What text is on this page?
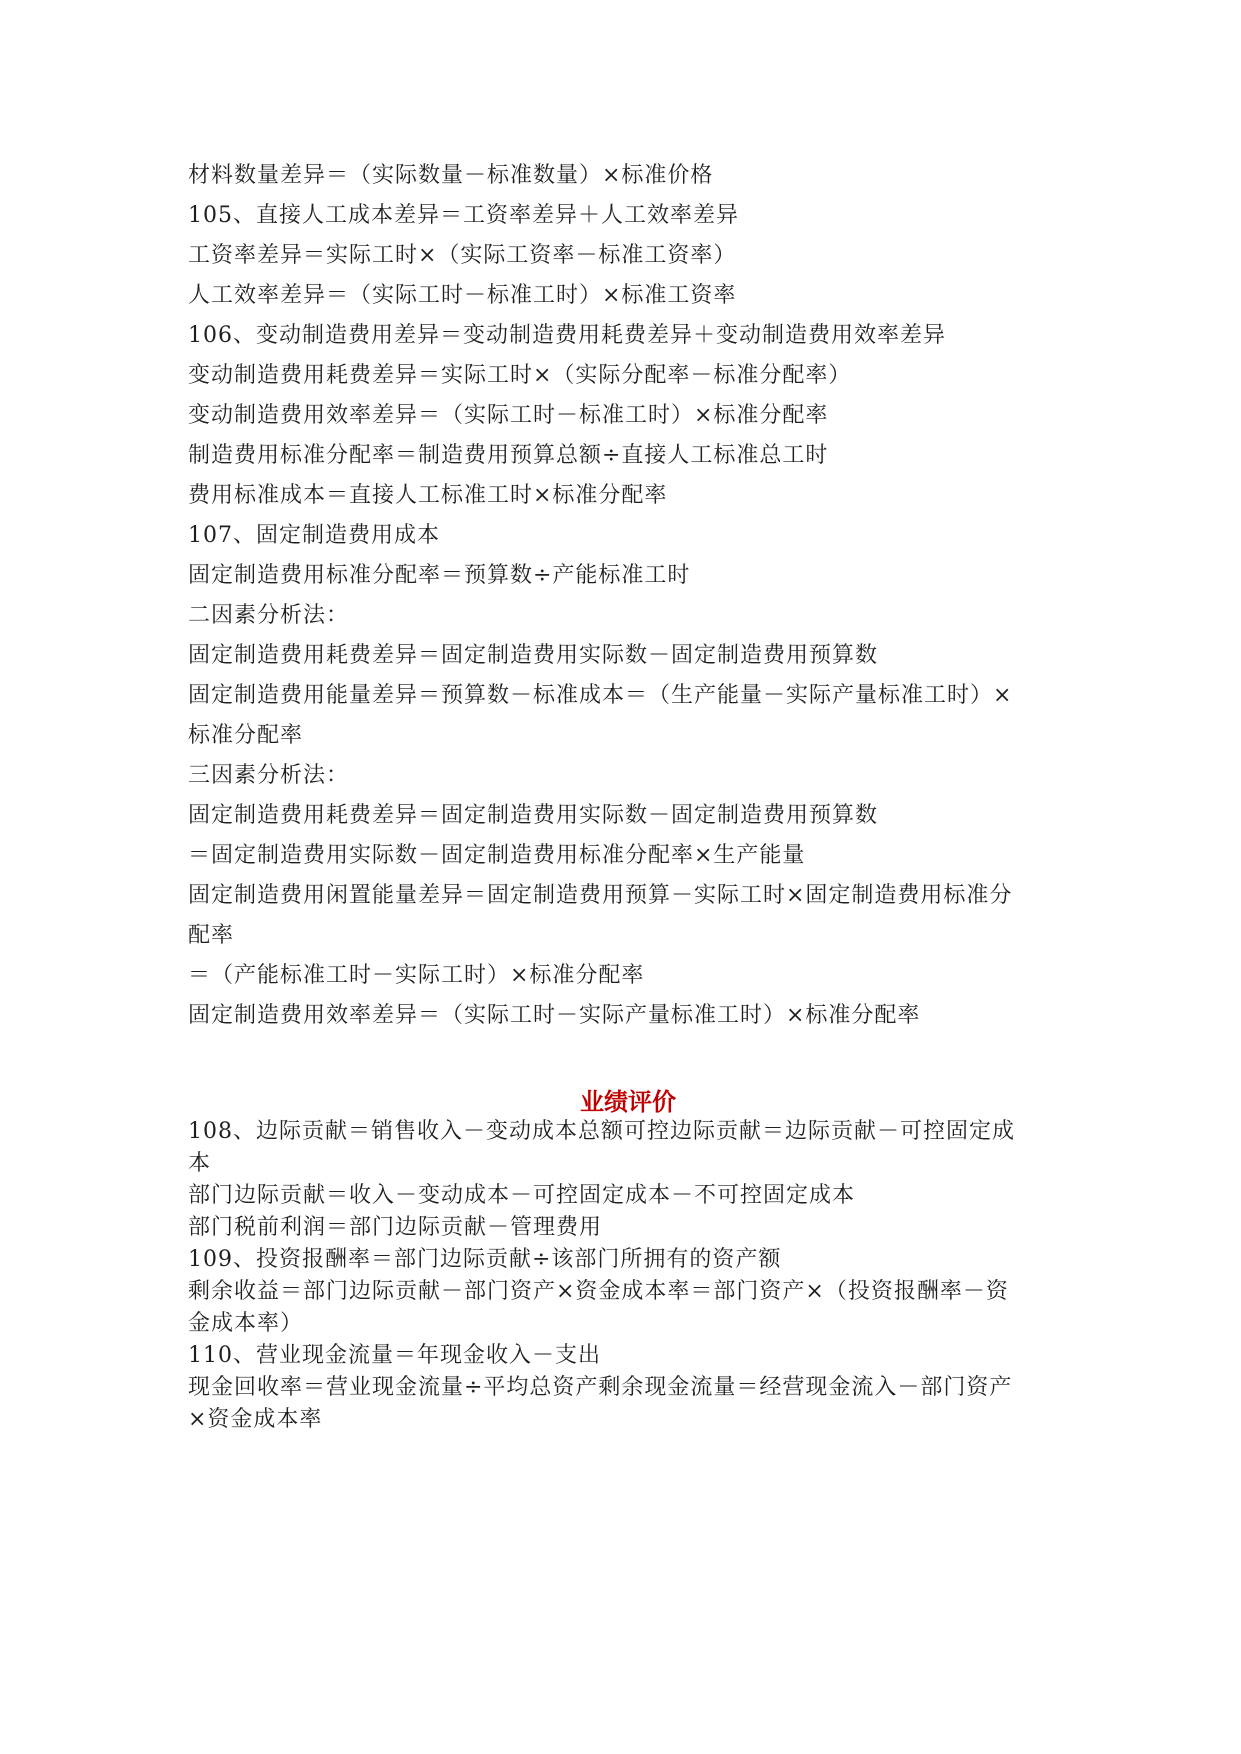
材料数量差异＝（实际数量－标准数量）×标准价格
105、直接人工成本差异＝工资率差异＋人工效率差异
工资率差异＝实际工时×（实际工资率－标准工资率）
人工效率差异＝（实际工时－标准工时）×标准工资率
106、变动制造费用差异＝变动制造费用耗费差异＋变动制造费用效率差异
变动制造费用耗费差异＝实际工时×（实际分配率－标准分配率）
变动制造费用效率差异＝（实际工时－标准工时）×标准分配率
制造费用标准分配率＝制造费用预算总额÷直接人工标准总工时
费用标准成本＝直接人工标准工时×标准分配率
107、固定制造费用成本
固定制造费用标准分配率＝预算数÷产能标准工时
二因素分析法：
固定制造费用耗费差异＝固定制造费用实际数－固定制造费用预算数
固定制造费用能量差异＝预算数－标准成本＝（生产能量－实际产量标准工时）×
标准分配率
三因素分析法：
固定制造费用耗费差异＝固定制造费用实际数－固定制造费用预算数
＝固定制造费用实际数－固定制造费用标准分配率×生产能量
固定制造费用闲置能量差异＝固定制造费用预算－实际工时×固定制造费用标准分
配率
＝（产能标准工时－实际工时）×标准分配率
固定制造费用效率差异＝（实际工时－实际产量标准工时）×标准分配率
业绩评价
108、边际贡献＝销售收入－变动成本总额可控边际贡献＝边际贡献－可控固定成
本
部门边际贡献＝收入－变动成本－可控固定成本－不可控固定成本
部门税前利润＝部门边际贡献－管理费用
109、投资报酬率＝部门边际贡献÷该部门所拥有的资产额
剩余收益＝部门边际贡献－部门资产×资金成本率＝部门资产×（投资报酬率－资
金成本率）
110、营业现金流量＝年现金收入－支出
现金回收率＝营业现金流量÷平均总资产剩余现金流量＝经营现金流入－部门资产
×资金成本率
